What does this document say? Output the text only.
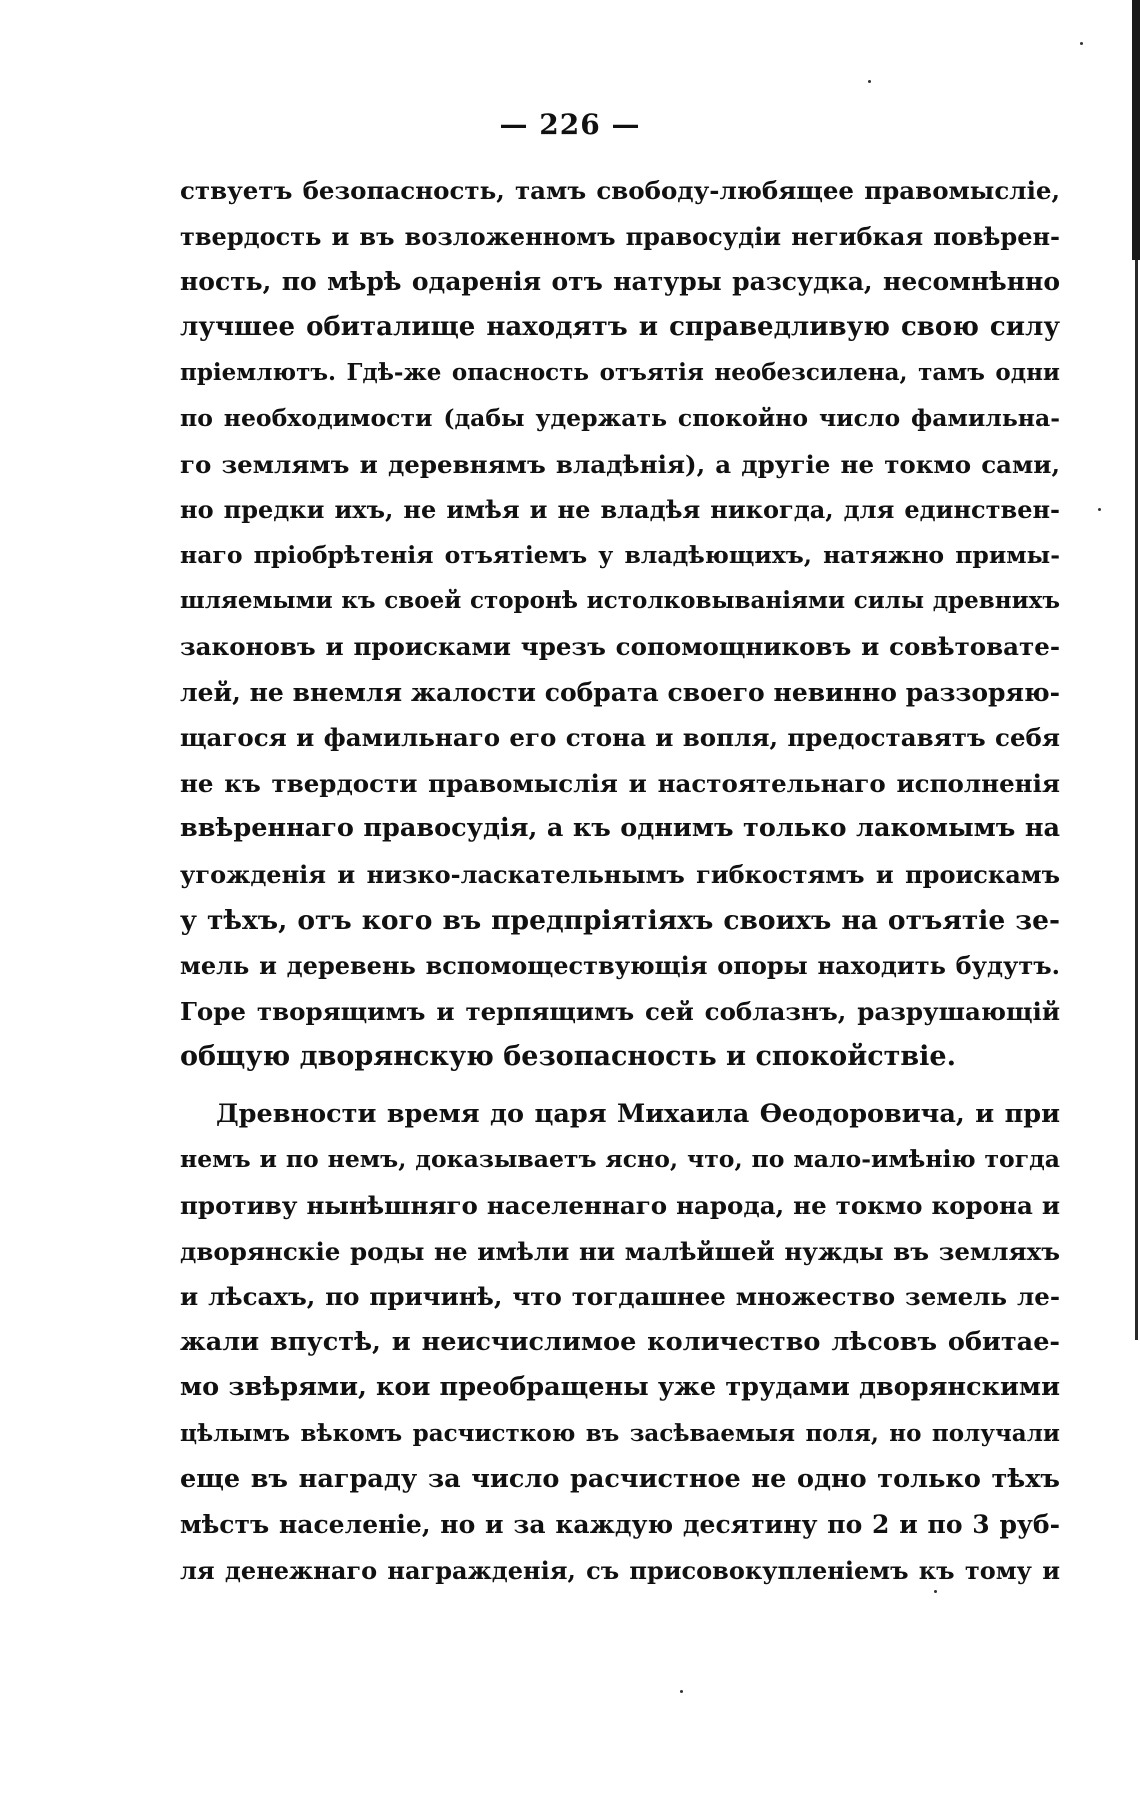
— 226 —
ствуетъ безопасность, тамъ свободу-любящее правомысліе,
твердость и въ возложенномъ правосудіи негибкая повѣрен-
ность, по мѣрѣ одаренія отъ натуры разсудка, несомнѣнно
лучшее обиталище находятъ и справедливую свою силу
пріемлютъ. Гдѣ-же опасность отъятія необезсилена, тамъ одни
по необходимости (дабы удержать спокойно число фамильна-
го землямъ и деревнямъ владѣнія), а другіе не токмо сами,
но предки ихъ, не имѣя и не владѣя никогда, для единствен-
наго пріобрѣтенія отъятіемъ у владѣющихъ, натяжно примы-
шляемыми къ своей сторонѣ истолковываніями силы древнихъ
законовъ и происками чрезъ сопомощниковъ и совѣтовате-
лей, не внемля жалости собрата своего невинно раззоряю-
щагося и фамильнаго его стона и вопля, предоставятъ себя
не къ твердости правомыслія и настоятельнаго исполненія
ввѣреннаго правосудія, а къ однимъ только лакомымъ на
угожденія и низко-ласкательнымъ гибкостямъ и проискамъ
у тѣхъ, отъ кого въ предпріятіяхъ своихъ на отъятіе зе-
мель и деревень вспомоществующія опоры находить будутъ.
Горе творящимъ и терпящимъ сей соблазнъ, разрушающій
общую дворянскую безопасность и спокойствіе.
Древности время до царя Михаила Ѳеодоровича, и при
немъ и по немъ, доказываетъ ясно, что, по мало-имѣнію тогда
противу нынѣшняго населеннаго народа, не токмо корона и
дворянскіе роды не имѣли ни малѣйшей нужды въ земляхъ
и лѣсахъ, по причинѣ, что тогдашнее множество земель ле-
жали впустѣ, и неисчислимое количество лѣсовъ обитае-
мо звѣрями, кои преобращены уже трудами дворянскими
цѣлымъ вѣкомъ расчисткою въ засѣваемыя поля, но получали
еще въ награду за число расчистное не одно только тѣхъ
мѣстъ населеніе, но и за каждую десятину по 2 и по 3 руб-
ля денежнаго награжденія, съ присовокупленіемъ къ тому и
